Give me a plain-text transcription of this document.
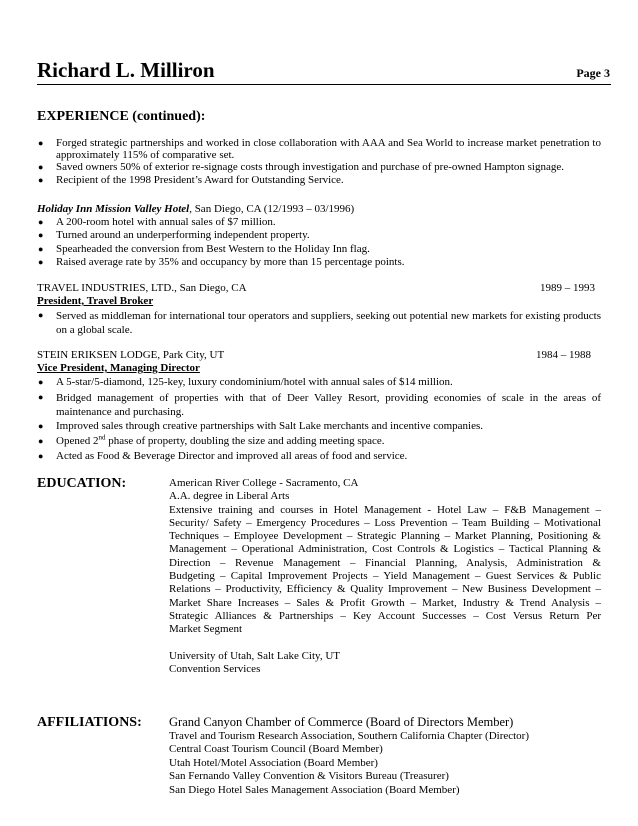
Richard L. Milliron	Page 3
EXPERIENCE (continued):
● Forged strategic partnerships and worked in close collaboration with AAA and Sea World to increase market penetration to approximately 115% of comparative set.
● Saved owners 50% of exterior re-signage costs through investigation and purchase of pre-owned Hampton signage.
● Recipient of the 1998 President’s Award for Outstanding Service.
Holiday Inn Mission Valley Hotel, San Diego, CA (12/1993 – 03/1996)
● A 200-room hotel with annual sales of $7 million.
● Turned around an underperforming independent property.
● Spearheaded the conversion from Best Western to the Holiday Inn flag.
● Raised average rate by 35% and occupancy by more than 15 percentage points.
TRAVEL INDUSTRIES, LTD., San Diego, CA	1989 – 1993
President, Travel Broker
● Served as middleman for international tour operators and suppliers, seeking out potential new markets for existing products on a global scale.
STEIN ERIKSEN LODGE, Park City, UT	1984 – 1988
Vice President, Managing Director
● A 5-star/5-diamond, 125-key, luxury condominium/hotel with annual sales of $14 million.
● Bridged management of properties with that of Deer Valley Resort, providing economies of scale in the areas of maintenance and purchasing.
● Improved sales through creative partnerships with Salt Lake merchants and incentive companies.
● Opened 2nd phase of property, doubling the size and adding meeting space.
● Acted as Food & Beverage Director and improved all areas of food and service.
EDUCATION:	American River College - Sacramento, CA
A.A. degree in Liberal Arts
Extensive training and courses in Hotel Management - Hotel Law – F&B Management –
Security/ Safety – Emergency Procedures – Loss Prevention – Team Building – Motivational
Techniques – Employee Development – Strategic Planning – Market Planning, Positioning &
Management – Operational Administration, Cost Controls & Logistics – Tactical Planning &
Direction – Revenue Management – Financial Planning, Analysis, Administration &
Budgeting – Capital Improvement Projects – Yield Management – Guest Services & Public
Relations – Productivity, Efficiency & Quality Improvement – New Business Development –
Market Share Increases – Sales & Profit Growth – Market, Industry & Trend Analysis –
Strategic Alliances & Partnerships – Key Account Successes – Cost Versus Return Per
Market Segment
University of Utah, Salt Lake City, UT
Convention Services
AFFILIATIONS: Grand Canyon Chamber of Commerce (Board of Directors Member)
Travel and Tourism Research Association, Southern California Chapter (Director)
Central Coast Tourism Council (Board Member)
Utah Hotel/Motel Association (Board Member)
San Fernando Valley Convention & Visitors Bureau (Treasurer)
San Diego Hotel Sales Management Association (Board Member)
